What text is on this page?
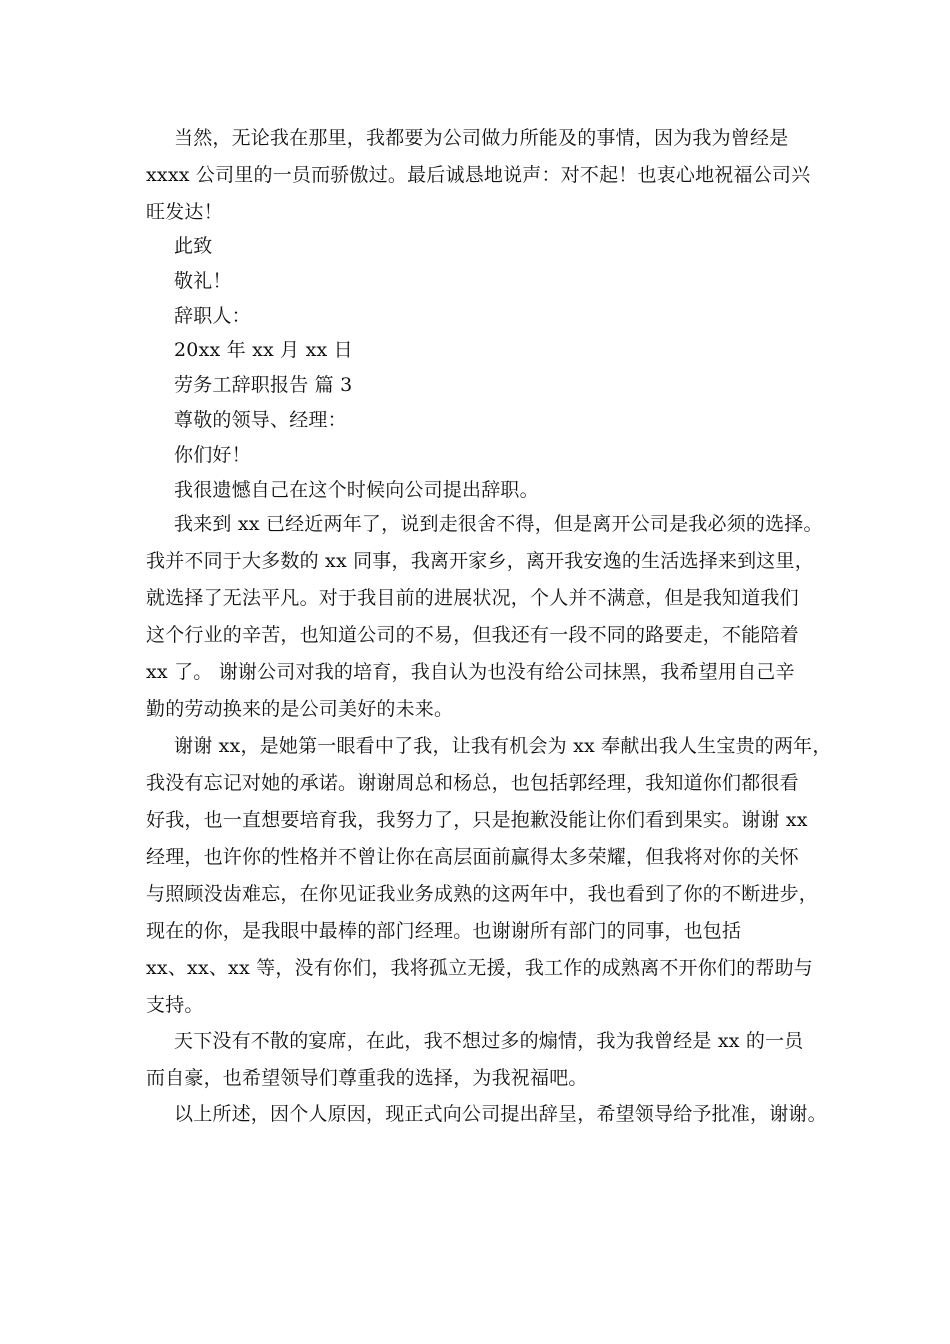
当然，无论我在那里，我都要为公司做力所能及的事情，因为我为曾经是
xxxx 公司里的一员而骄傲过。最后诚恳地说声：对不起！也衷心地祝福公司兴
旺发达！
此致
敬礼！
辞职人：
20xx 年 xx 月 xx 日
劳务工辞职报告 篇 3
尊敬的领导、经理：
你们好！
我很遗憾自己在这个时候向公司提出辞职。
我来到 xx 已经近两年了，说到走很舍不得，但是离开公司是我必须的选择。
我并不同于大多数的 xx 同事，我离开家乡，离开我安逸的生活选择来到这里，
就选择了无法平凡。对于我目前的进展状况，个人并不满意，但是我知道我们
这个行业的辛苦，也知道公司的不易，但我还有一段不同的路要走，不能陪着
xx 了。 谢谢公司对我的培育，我自认为也没有给公司抹黑，我希望用自己辛
勤的劳动换来的是公司美好的未来。
谢谢 xx，是她第一眼看中了我，让我有机会为 xx 奉献出我人生宝贵的两年，
我没有忘记对她的承诺。谢谢周总和杨总，也包括郭经理，我知道你们都很看
好我，也一直想要培育我，我努力了，只是抱歉没能让你们看到果实。谢谢 xx
经理，也许你的性格并不曾让你在高层面前赢得太多荣耀，但我将对你的关怀
与照顾没齿难忘，在你见证我业务成熟的这两年中，我也看到了你的不断进步，
现在的你，是我眼中最棒的部门经理。也谢谢所有部门的同事，也包括
xx、xx、xx 等，没有你们，我将孤立无援，我工作的成熟离不开你们的帮助与
支持。
天下没有不散的宴席，在此，我不想过多的煽情，我为我曾经是 xx 的一员
而自豪，也希望领导们尊重我的选择，为我祝福吧。
以上所述，因个人原因，现正式向公司提出辞呈，希望领导给予批准，谢谢。
